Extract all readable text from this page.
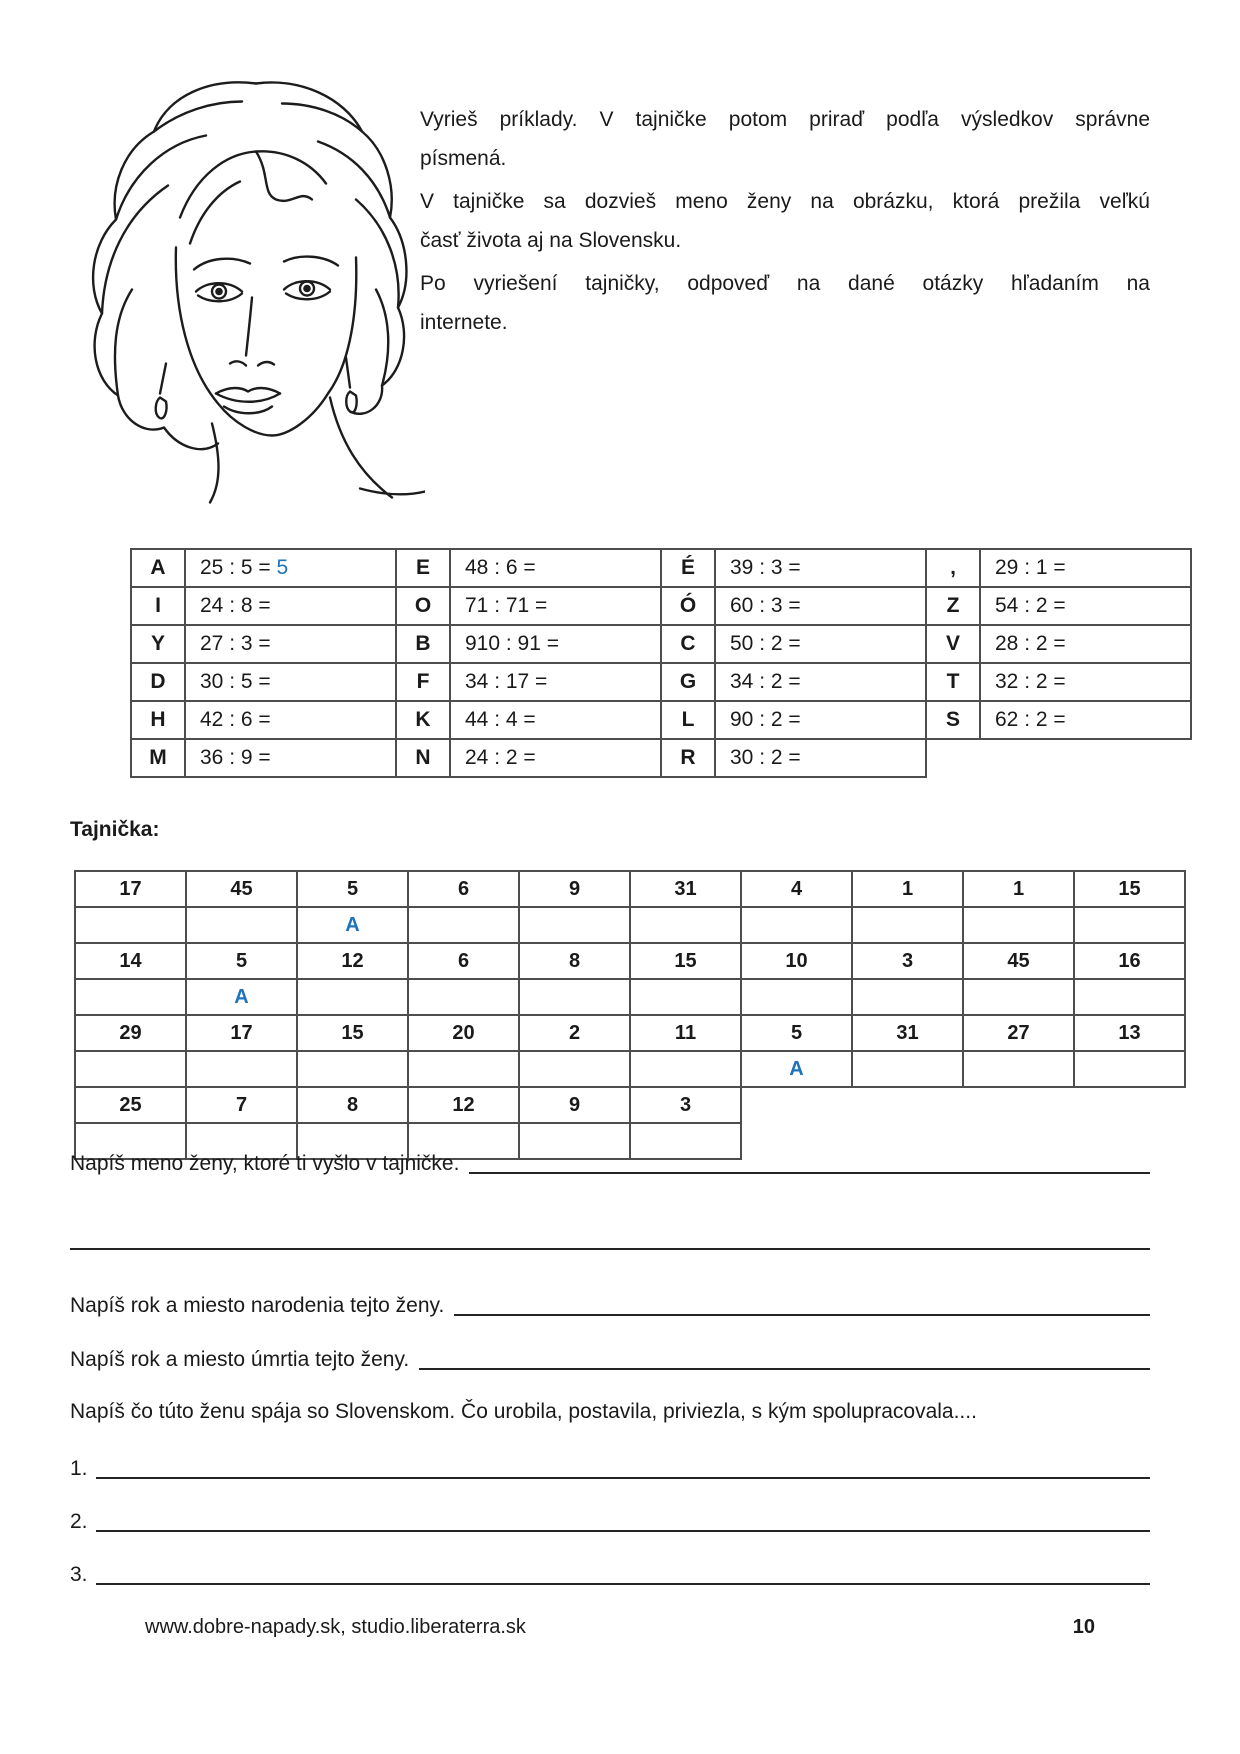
Vyrieš príklady. V tajničke potom priraď podľa výsledkov správne
písmená.
V tajničke sa dozvieš meno ženy na obrázku, ktorá prežila veľkú
časť života aj na Slovensku.
Po vyriešení tajničky, odpoveď na dané otázky hľadaním na
internete.
A	25 : 5 = 5	E	48 : 6 =	É	39 : 3 =	,	29 : 1 =
I	24 : 8 =	O	71 : 71 =	Ó	60 : 3 =	Z	54 : 2 =
Y	27 : 3 =	B	910 : 91 =	C	50 : 2 =	V	28 : 2 =
D	30 : 5 =	F	34 : 17 =	G	34 : 2 =	T	32 : 2 =
H	42 : 6 =	K	44 : 4 =	L	90 : 2 =	S	62 : 2 =
M	36 : 9 =	N	24 : 2 =	R	30 : 2 =		
Tajnička:
17	45	5	6	9	31	4	1	1	15
		A							
14	5	12	6	8	15	10	3	45	16
	A								
29	17	15	20	2	11	5	31	27	13
						A			
25	7	8	12	9	3				

Napíš meno ženy, ktoré ti vyšlo v tajničke.
Napíš rok a miesto narodenia tejto ženy.
Napíš rok a miesto úmrtia tejto ženy.
Napíš čo túto ženu spája so Slovenskom. Čo urobila, postavila, priviezla, s kým spolupracovala....
1.
2.
3.
www.dobre-napady.sk, studio.liberaterra.sk	10
